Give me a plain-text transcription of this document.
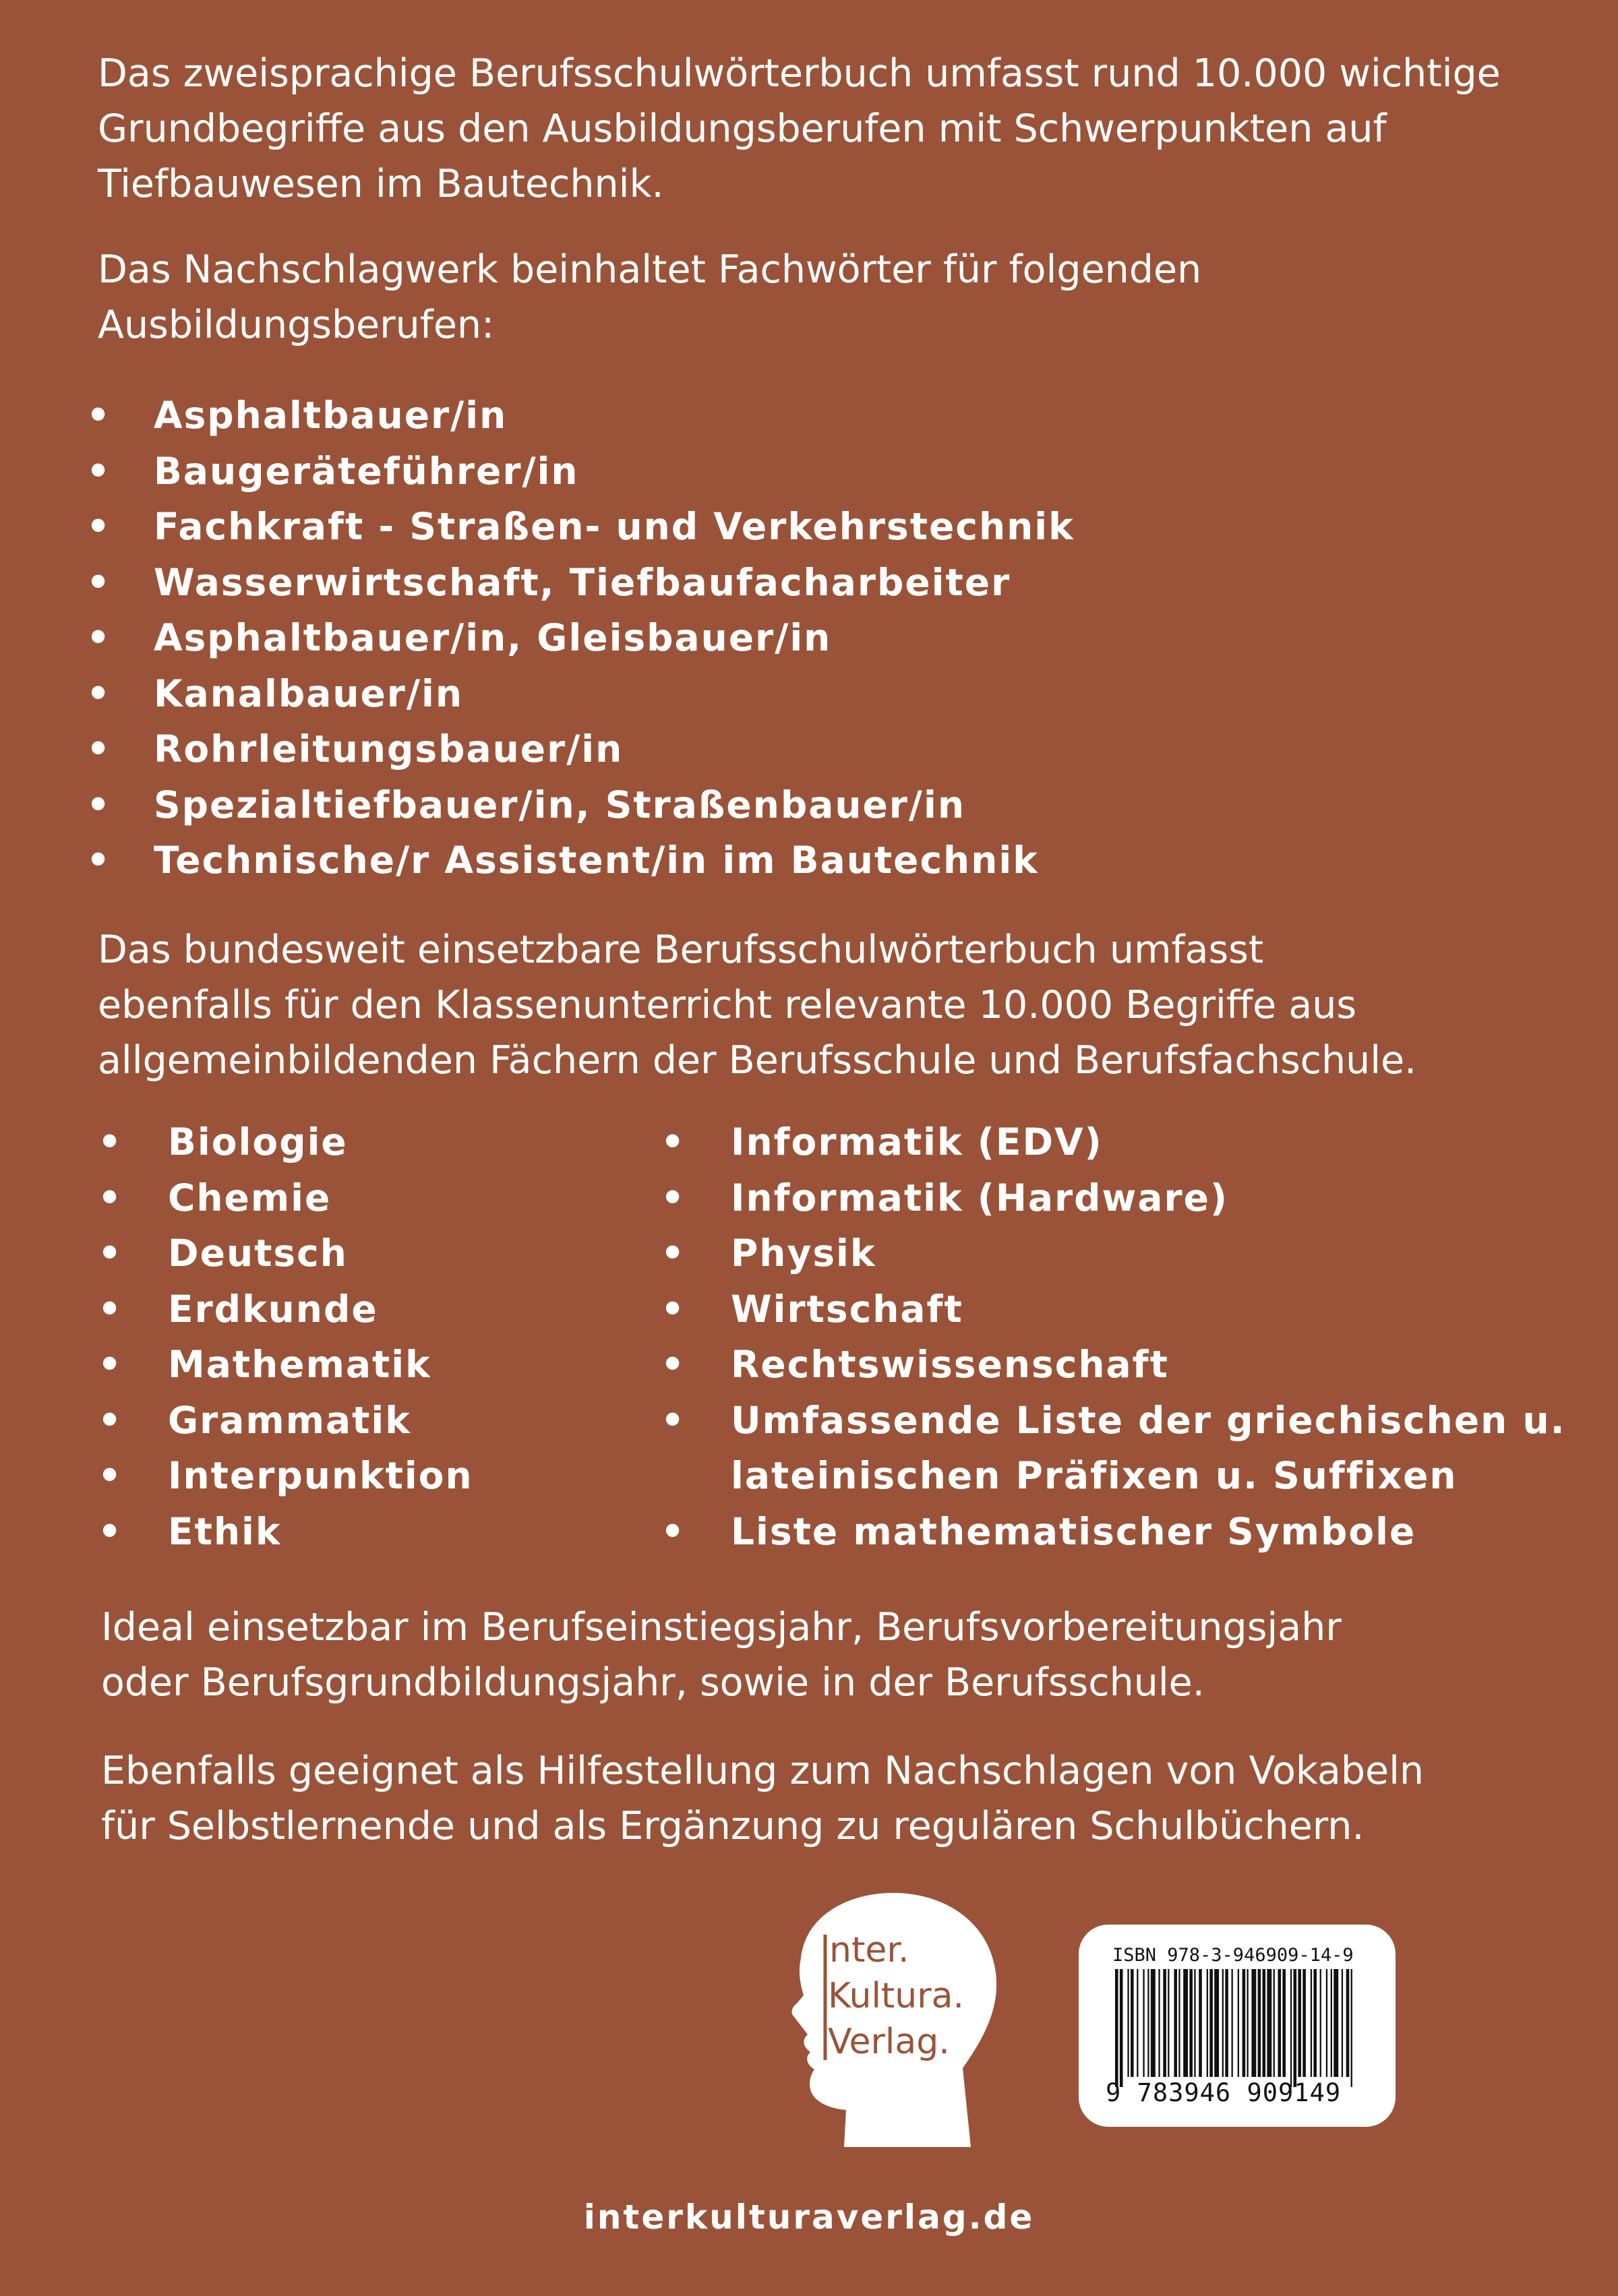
Das zweisprachige Berufsschulwörterbuch umfasst rund 10.000 wichtige
Grundbegriffe aus den Ausbildungsberufen mit Schwerpunkten auf
Tiefbauwesen im Bautechnik.

Das Nachschlagwerk beinhaltet Fachwörter für folgenden
Ausbildungsberufen:

• Asphaltbauer/in
• Baugeräteführer/in
• Fachkraft - Straßen- und Verkehrstechnik
• Wasserwirtschaft, Tiefbaufacharbeiter
• Asphaltbauer/in, Gleisbauer/in
• Kanalbauer/in
• Rohrleitungsbauer/in
• Spezialtiefbauer/in, Straßenbauer/in
• Technische/r Assistent/in im Bautechnik

Das bundesweit einsetzbare Berufsschulwörterbuch umfasst
ebenfalls für den Klassenunterricht relevante 10.000 Begriffe aus
allgemeinbildenden Fächern der Berufsschule und Berufsfachschule.

• Biologie
• Chemie
• Deutsch
• Erdkunde
• Mathematik
• Grammatik
• Interpunktion
• Ethik
• Informatik (EDV)
• Informatik (Hardware)
• Physik
• Wirtschaft
• Rechtswissenschaft
• Umfassende Liste der griechischen u.
lateinischen Präfixen u. Suffixen
• Liste mathematischer Symbole

Ideal einsetzbar im Berufseinstiegsjahr, Berufsvorbereitungsjahr
oder Berufsgrundbildungsjahr, sowie in der Berufsschule.

Ebenfalls geeignet als Hilfestellung zum Nachschlagen von Vokabeln
für Selbstlernende und als Ergänzung zu regulären Schulbüchern.

nter.
Kultura.
Verlag.
ISBN 978-3-946909-14-9
9 783946 909149
interkulturaverlag.de
